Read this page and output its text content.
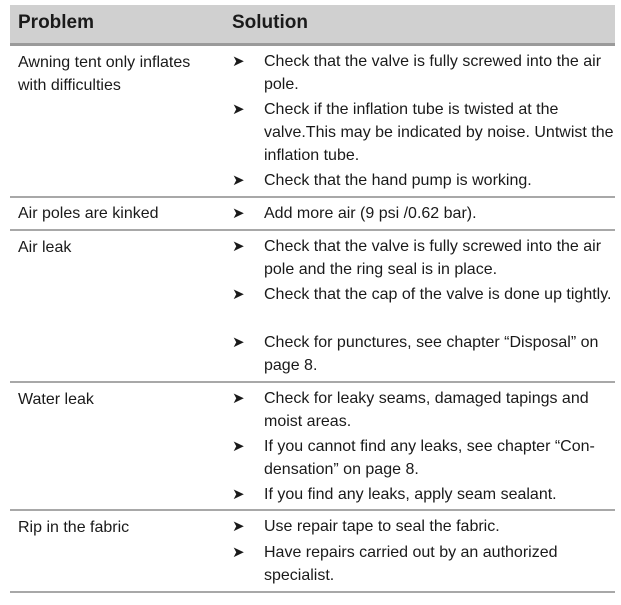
Problem	Solution
Awning tent only inflates with difficulties
➤ Check that the valve is fully screwed into the air pole.
➤ Check if the inflation tube is twisted at the valve.This may be indicated by noise. Untwist the inflation tube.
➤ Check that the hand pump is working.
Air poles are kinked	➤ Add more air (9 psi /0.62 bar).
Air leak	➤ Check that the valve is fully screwed into the air pole and the ring seal is in place.
➤ Check that the cap of the valve is done up tightly.
➤ Check for punctures, see chapter “Disposal” on page 8.
Water leak	➤ Check for leaky seams, damaged tapings and moist areas.
➤ If you cannot find any leaks, see chapter “Con-densation” on page 8.
➤ If you find any leaks, apply seam sealant.
Rip in the fabric	➤ Use repair tape to seal the fabric.
➤ Have repairs carried out by an authorized specialist.
